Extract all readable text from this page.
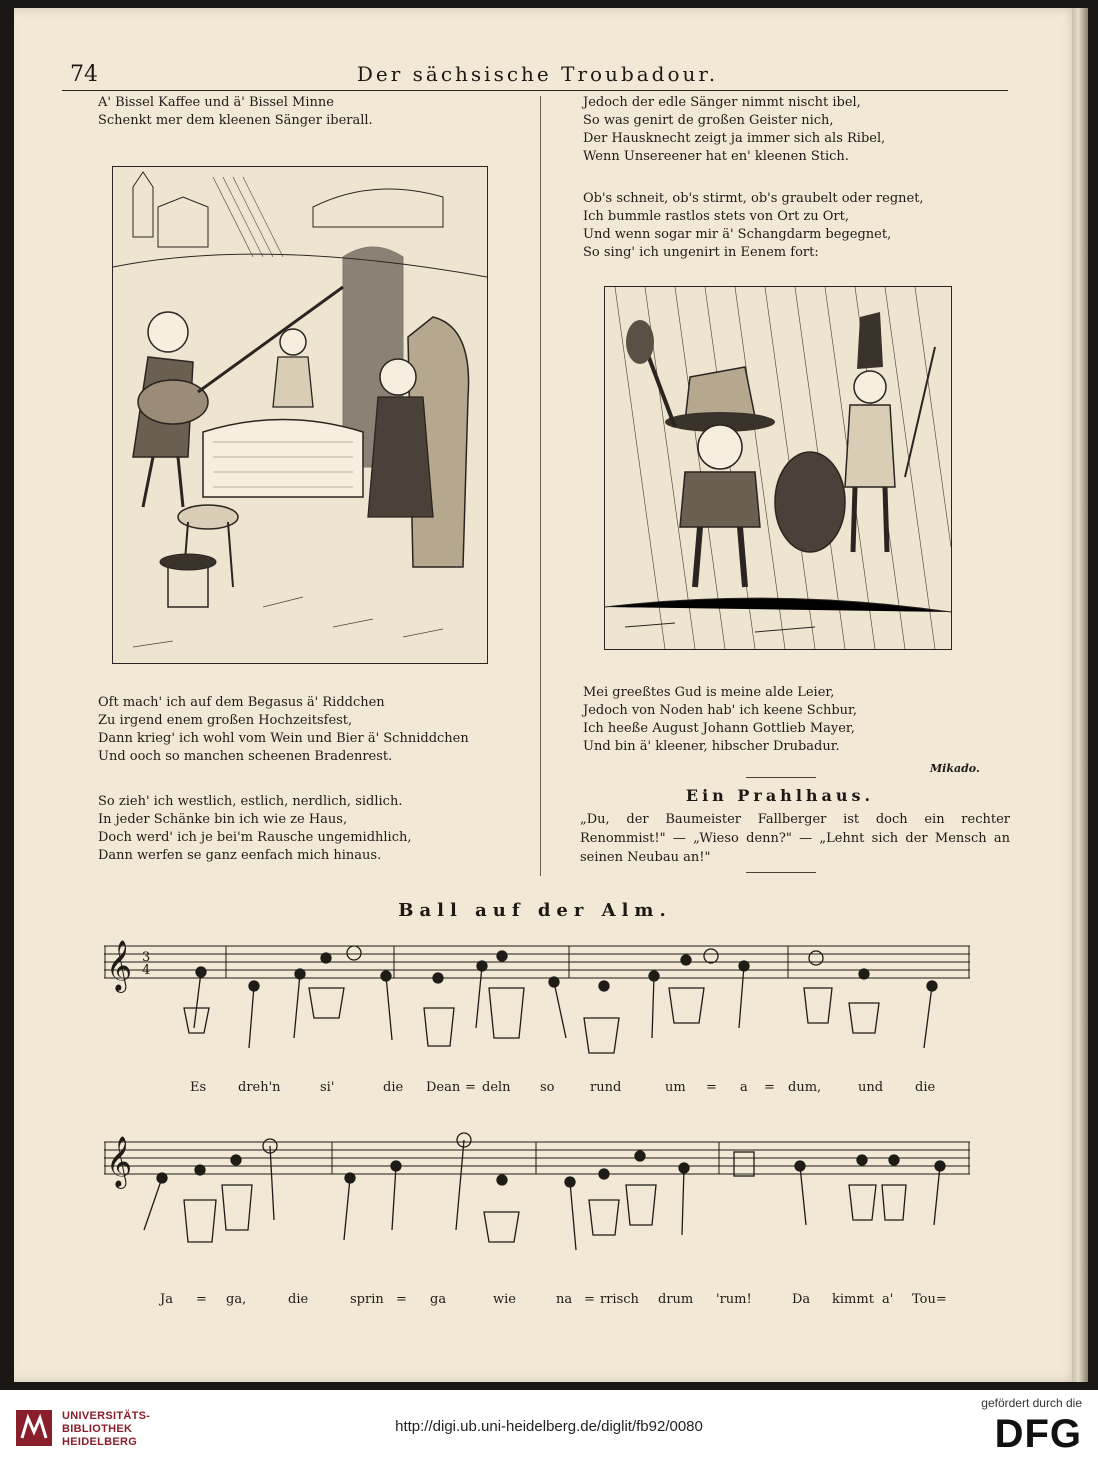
74	Der sächsische Troubadour.
A' Bissel Kaffee und ä' Bissel Minne
Schenkt mer dem kleenen Sänger iberall.
Oft mach' ich auf dem Begasus ä' Riddchen
Zu irgend enem großen Hochzeitsfest,
Dann krieg' ich wohl vom Wein und Bier ä' Schniddchen
Und ooch so manchen scheenen Bradenrest.
So zieh' ich westlich, estlich, nerdlich, sidlich.
In jeder Schänke bin ich wie ze Haus,
Doch werd' ich je bei'm Rausche ungemidhlich,
Dann werfen se ganz eenfach mich hinaus.
Jedoch der edle Sänger nimmt nischt ibel,
So was genirt de großen Geister nich,
Der Hausknecht zeigt ja immer sich als Ribel,
Wenn Unsereener hat en' kleenen Stich.
Ob's schneit, ob's stirmt, ob's graubelt oder regnet,
Ich bummle rastlos stets von Ort zu Ort,
Und wenn sogar mir ä' Schangdarm begegnet,
So sing' ich ungenirt in Eenem fort:
Mei greeßtes Gud is meine alde Leier,
Jedoch von Noden hab' ich keene Schbur,
Ich heeße August Johann Gottlieb Mayer,
Und bin ä' kleener, hibscher Drubadur.
Mikado.
Ein Prahlhaus.
„Du, der Baumeister Fallberger ist doch ein rechter Renommist!" — „Wieso denn?" — „Lehnt sich der Mensch an seinen Neubau an!"
Ball auf der Alm.
𝄞 3
4
Es dreh'n	si'	die Dean = deln so	rund	um = a = dum,	und die
𝄞
Ja = ga,	die	sprin = ga	wie	na = rrisch drum 'rum!	Da kimmt a' Tou=
UNIVERSITÄTS-
BIBLIOTHEK
HEIDELBERG
http://digi.ub.uni-heidelberg.de/diglit/fb92/0080
gefördert durch die
DFG
